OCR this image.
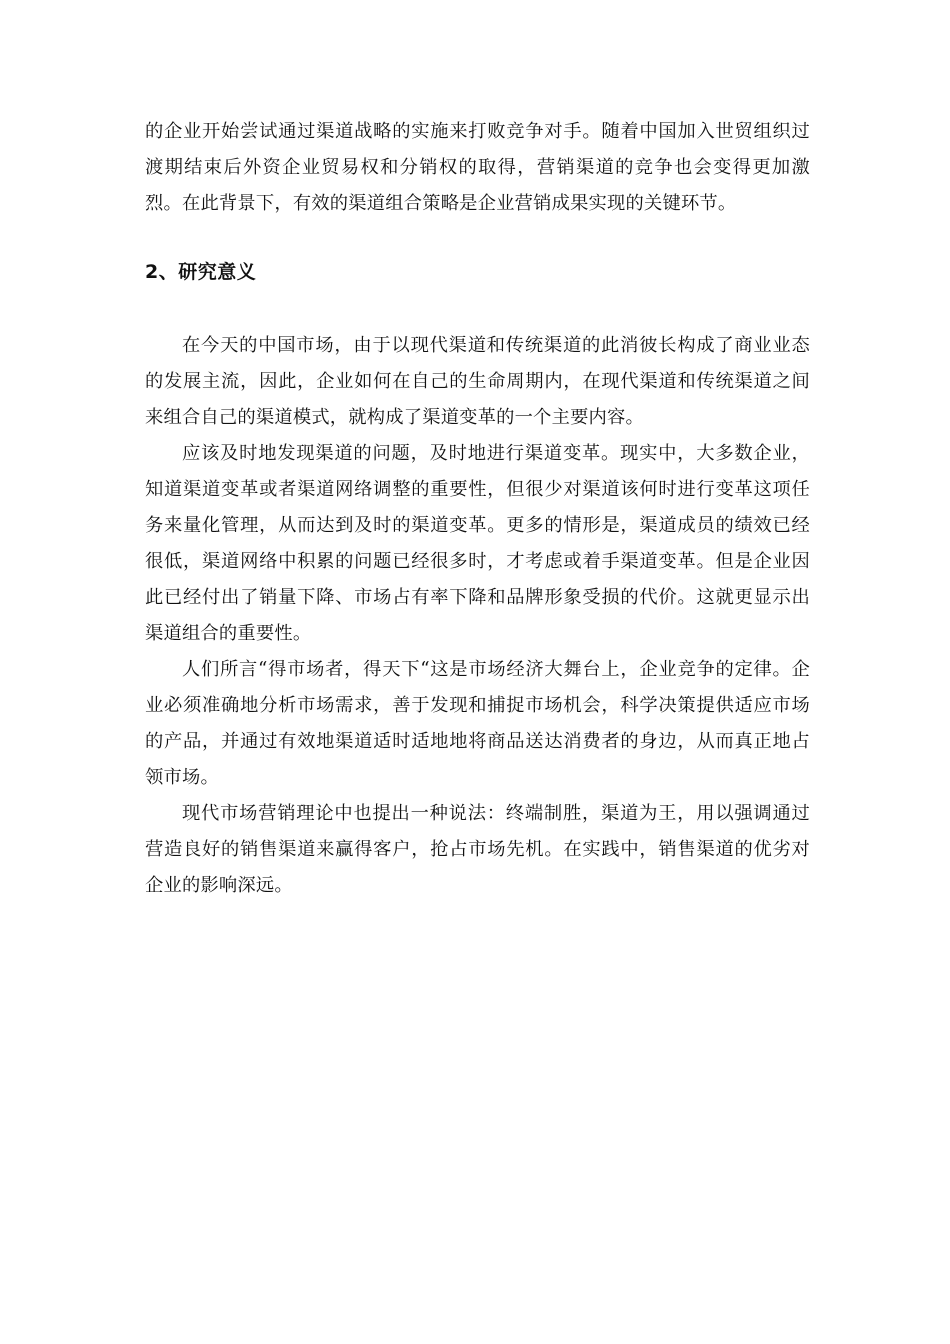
的企业开始尝试通过渠道战略的实施来打败竞争对手。随着中国加入世贸组织过渡期结束后外资企业贸易权和分销权的取得，营销渠道的竞争也会变得更加激烈。在此背景下，有效的渠道组合策略是企业营销成果实现的关键环节。

2、研究意义

在今天的中国市场，由于以现代渠道和传统渠道的此消彼长构成了商业业态的发展主流，因此，企业如何在自己的生命周期内，在现代渠道和传统渠道之间来组合自己的渠道模式，就构成了渠道变革的一个主要内容。

应该及时地发现渠道的问题，及时地进行渠道变革。现实中，大多数企业，知道渠道变革或者渠道网络调整的重要性，但很少对渠道该何时进行变革这项任务来量化管理，从而达到及时的渠道变革。更多的情形是，渠道成员的绩效已经很低，渠道网络中积累的问题已经很多时，才考虑或着手渠道变革。但是企业因此已经付出了销量下降、市场占有率下降和品牌形象受损的代价。这就更显示出渠道组合的重要性。

人们所言“得市场者，得天下“这是市场经济大舞台上，企业竞争的定律。企业必须准确地分析市场需求，善于发现和捕捉市场机会，科学决策提供适应市场的产品，并通过有效地渠道适时适地地将商品送达消费者的身边，从而真正地占领市场。

现代市场营销理论中也提出一种说法：终端制胜，渠道为王，用以强调通过营造良好的销售渠道来赢得客户，抢占市场先机。在实践中，销售渠道的优劣对企业的影响深远。
